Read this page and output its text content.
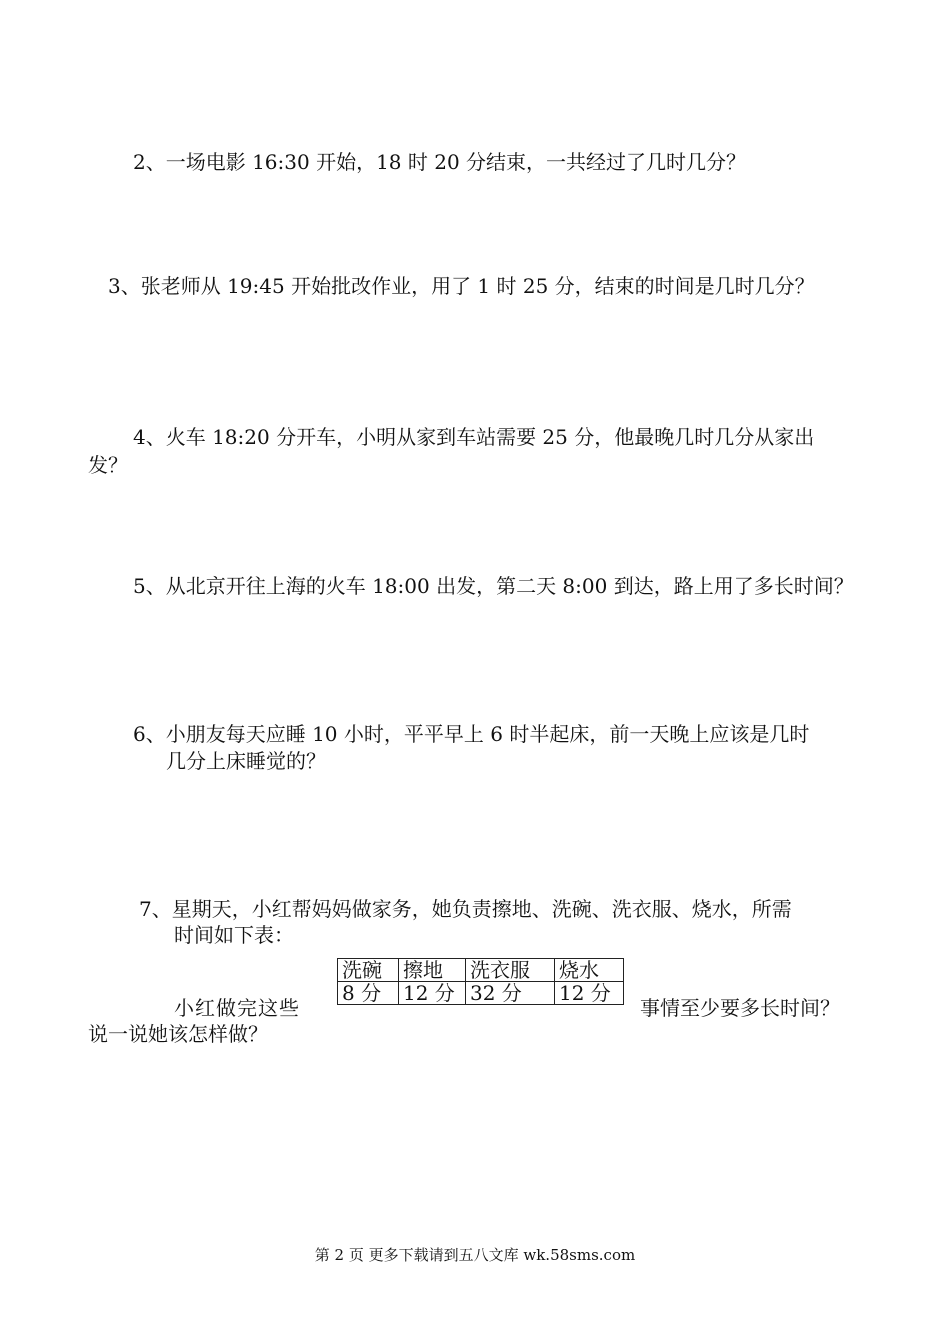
2、一场电影 16:30 开始，18 时 20 分结束，一共经过了几时几分？
3、张老师从 19:45 开始批改作业，用了 1 时 25 分，结束的时间是几时几分？
4、火车 18:20 分开车，小明从家到车站需要 25 分，他最晚几时几分从家出
发？
5、从北京开往上海的火车 18:00 出发，第二天 8:00 到达，路上用了多长时间？
6、小朋友每天应睡 10 小时，平平早上 6 时半起床，前一天晚上应该是几时
几分上床睡觉的？
7、星期天，小红帮妈妈做家务，她负责擦地、洗碗、洗衣服、烧水，所需
时间如下表：
小红做完这些	事情至少要多长时间？
说一说她该怎样做？
洗碗	擦地	洗衣服	烧水
8 分	12 分	32 分	12 分
第 2 页 更多下载请到五八文库 wk.58sms.com
